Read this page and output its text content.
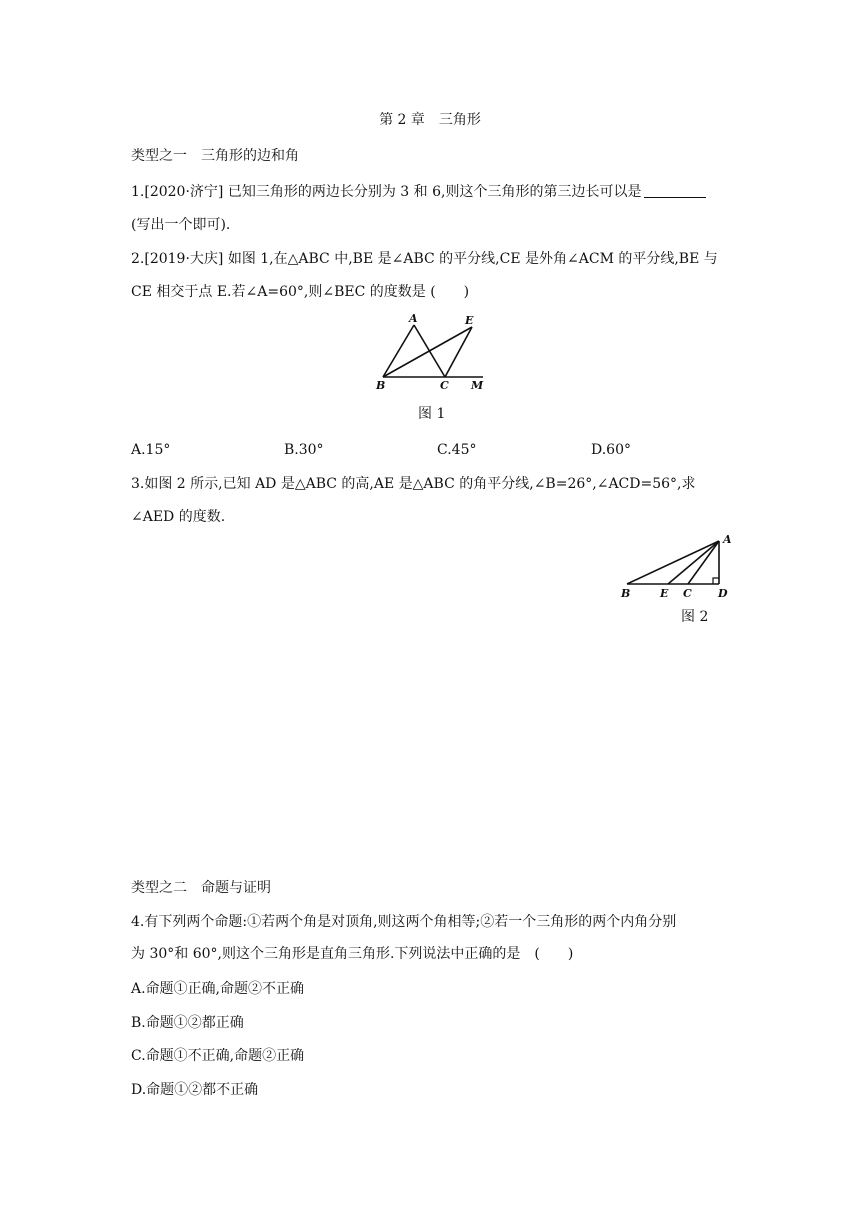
第 2 章　三角形
类型之一　三角形的边和角
1.[2020·济宁] 已知三角形的两边长分别为 3 和 6,则这个三角形的第三边长可以是
(写出一个即可).
2.[2019·大庆] 如图 1,在△ABC 中,BE 是∠ABC 的平分线,CE 是外角∠ACM 的平分线,BE 与
CE 相交于点 E.若∠A=60°,则∠BEC 的度数是 (　　)
A	E
B	C M
图 1
A.15°	B.30°	C.45°	D.60°
3.如图 2 所示,已知 AD 是△ABC 的高,AE 是△ABC 的角平分线,∠B=26°,∠ACD=56°,求
∠AED 的度数.
A
B	E C D
图 2
类型之二　命题与证明
4.有下列两个命题:①若两个角是对顶角,则这两个角相等;②若一个三角形的两个内角分别
为 30°和 60°,则这个三角形是直角三角形.下列说法中正确的是　(　　)
A.命题①正确,命题②不正确
B.命题①②都正确
C.命题①不正确,命题②正确
D.命题①②都不正确
